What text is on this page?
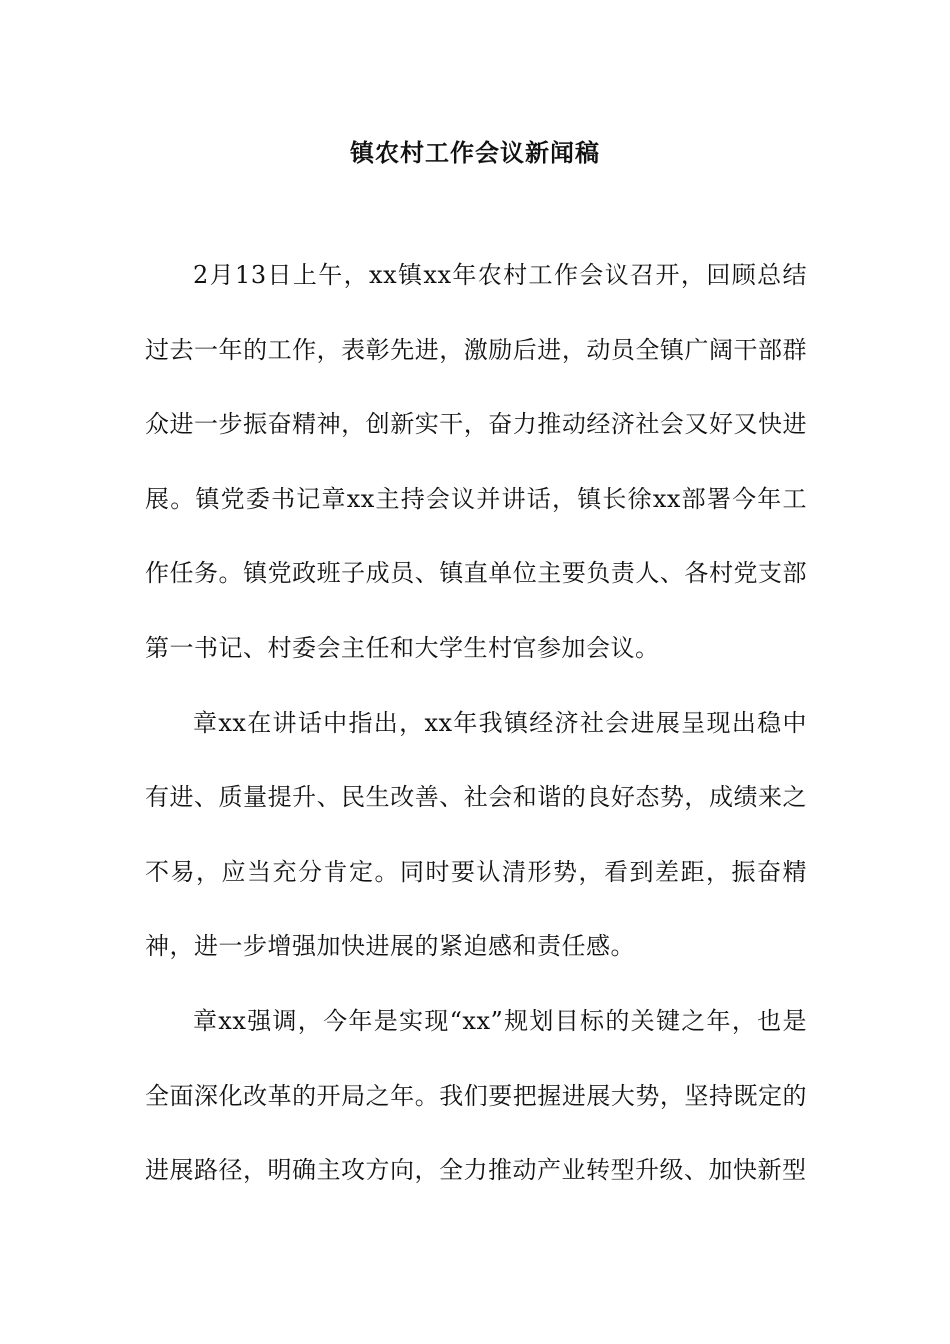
镇农村工作会议新闻稿

2月13日上午，xx镇xx年农村工作会议召开，回顾总结过去一年的工作，表彰先进，激励后进，动员全镇广阔干部群众进一步振奋精神，创新实干，奋力推动经济社会又好又快进展。镇党委书记章xx主持会议并讲话，镇长徐xx部署今年工作任务。镇党政班子成员、镇直单位主要负责人、各村党支部第一书记、村委会主任和大学生村官参加会议。

章xx在讲话中指出，xx年我镇经济社会进展呈现出稳中有进、质量提升、民生改善、社会和谐的良好态势，成绩来之不易，应当充分肯定。同时要认清形势，看到差距，振奋精神，进一步增强加快进展的紧迫感和责任感。

章xx强调，今年是实现“xx”规划目标的关键之年，也是全面深化改革的开局之年。我们要把握进展大势，坚持既定的进展路径，明确主攻方向，全力推动产业转型升级、加快新型
